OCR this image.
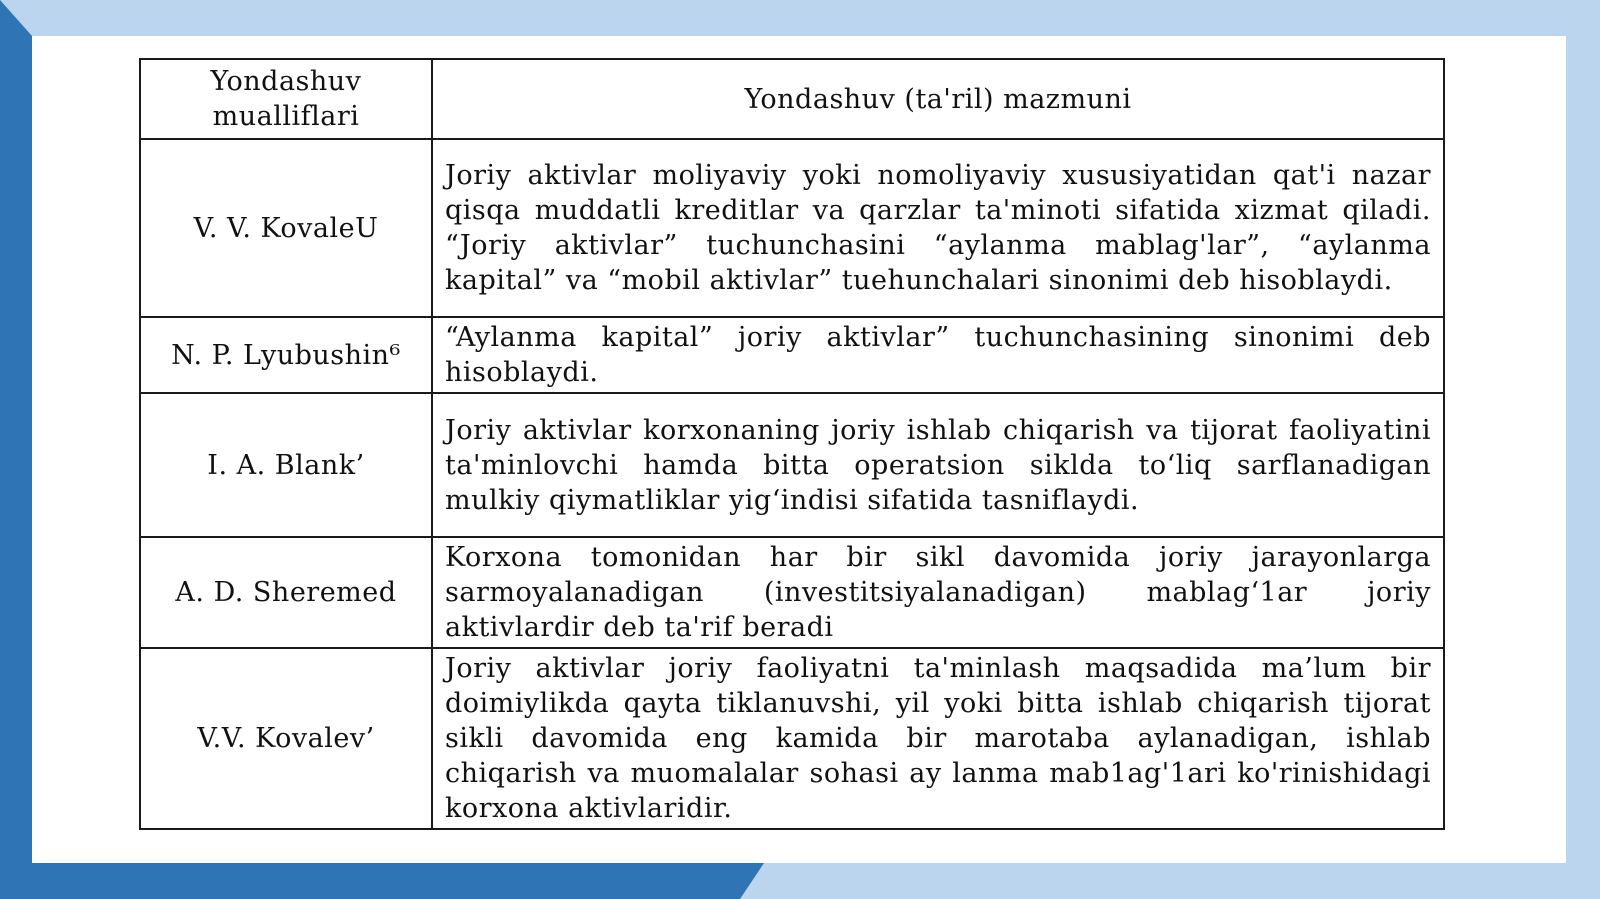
Yondashuv mualliflari	Yondashuv (ta'ril) mazmuni
V. V. KovaleU	Joriy aktivlar moliyaviy yoki nomoliyaviy xususiyatidan qat'i nazar qisqa muddatli kreditlar va qarzlar ta'minoti sifatida xizmat qiladi. “Joriy aktivlar” tuchunchasini “aylanma mablag'lar”, “aylanma kapital” va “mobil aktivlar” tuehunchalari sinonimi deb hisoblaydi.
N. P. Lyubushin⁶	“Aylanma kapital” joriy aktivlar” tuchunchasining sinonimi deb hisoblaydi.
I. A. Blank’	Joriy aktivlar korxonaning joriy ishlab chiqarish va tijorat faoliyatini ta'minlovchi hamda bitta operatsion siklda to‘liq sarflanadigan mulkiy qiymatliklar yig‘indisi sifatida tasniflaydi.
A. D. Sheremed	Korxona tomonidan har bir sikl davomida joriy jarayonlarga sarmoyalanadigan (investitsiyalanadigan) mablag‘1ar joriy aktivlardir deb ta'rif beradi
V.V. Kovalev’	Joriy aktivlar joriy faoliyatni ta'minlash maqsadida ma’lum bir doimiylikda qayta tiklanuvshi, yil yoki bitta ishlab chiqarish tijorat sikli davomida eng kamida bir marotaba aylanadigan, ishlab chiqarish va muomalalar sohasi ay lanma mab1ag'1ari ko'rinishidagi korxona aktivlaridir.
